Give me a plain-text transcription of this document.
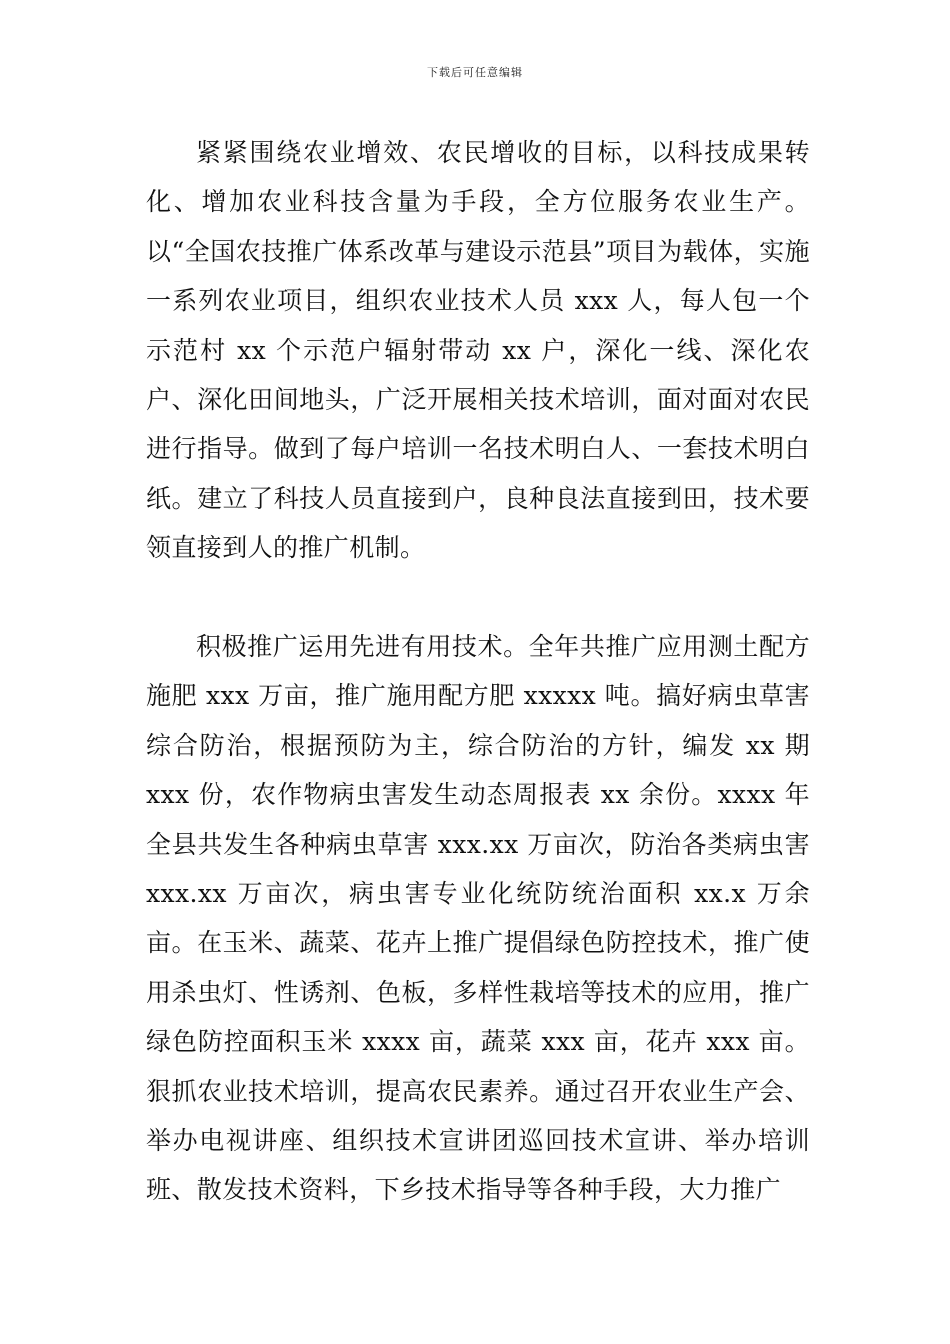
下载后可任意编辑

紧紧围绕农业增效、农民增收的目标，以科技成果转化、增加农业科技含量为手段，全方位服务农业生产。以“全国农技推广体系改革与建设示范县”项目为载体，实施一系列农业项目，组织农业技术人员 xxx 人，每人包一个示范村 xx 个示范户辐射带动 xx 户，深化一线、深化农户、深化田间地头，广泛开展相关技术培训，面对面对农民进行指导。做到了每户培训一名技术明白人、一套技术明白纸。建立了科技人员直接到户，良种良法直接到田，技术要领直接到人的推广机制。

积极推广运用先进有用技术。全年共推广应用测土配方施肥 xxx 万亩，推广施用配方肥 xxxxx 吨。搞好病虫草害综合防治，根据预防为主，综合防治的方针，编发 xx 期 xxx 份，农作物病虫害发生动态周报表 xx 余份。xxxx 年全县共发生各种病虫草害 xxx.xx 万亩次，防治各类病虫害 xxx.xx 万亩次，病虫害专业化统防统治面积 xx.x 万余亩。在玉米、蔬菜、花卉上推广提倡绿色防控技术，推广使用杀虫灯、性诱剂、色板，多样性栽培等技术的应用，推广绿色防控面积玉米 xxxx 亩，蔬菜 xxx 亩，花卉 xxx 亩。狠抓农业技术培训，提高农民素养。通过召开农业生产会、举办电视讲座、组织技术宣讲团巡回技术宣讲、举办培训班、散发技术资料，下乡技术指导等各种手段，大力推广
